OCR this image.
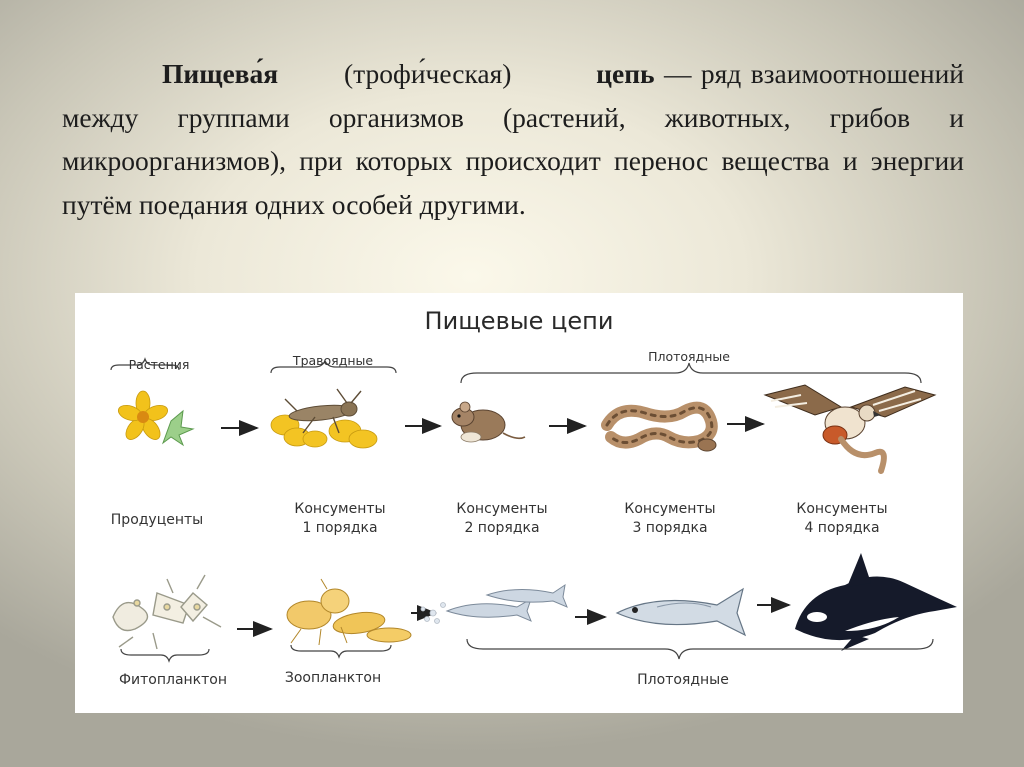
Пищева́я (трофи́ческая)	цепь — ряд взаимоотношений между группами организмов (растений, животных, грибов и микроорганизмов), при которых происходит перенос вещества и энергии путём поедания одних особей другими.

Пищевые цепи
Растения	Травоядные	Плотоядные
Продуценты
Консументы
1 порядка
Консументы
2 порядка
Консументы
3 порядка
Консументы
4 порядка
Фитопланктон	Зоопланктон	Плотоядные
